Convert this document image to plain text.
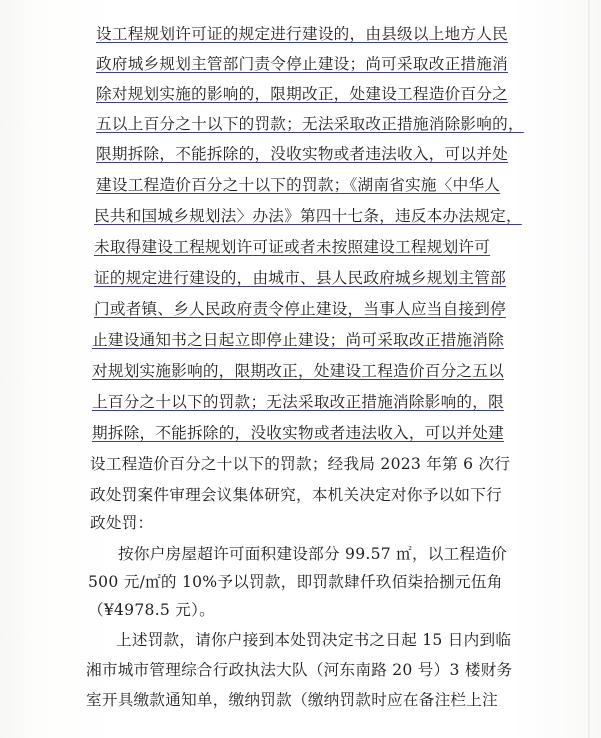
设工程规划许可证的规定进行建设的，由县级以上地方人民
政府城乡规划主管部门责令停止建设；尚可采取改正措施消
除对规划实施的影响的，限期改正，处建设工程造价百分之
五以上百分之十以下的罚款；无法采取改正措施消除影响的，
限期拆除，不能拆除的，没收实物或者违法收入，可以并处
建设工程造价百分之十以下的罚款；《湖南省实施〈中华人
民共和国城乡规划法〉办法》第四十七条，违反本办法规定，
未取得建设工程规划许可证或者未按照建设工程规划许可
证的规定进行建设的，由城市、县人民政府城乡规划主管部
门或者镇、乡人民政府责令停止建设，当事人应当自接到停
止建设通知书之日起立即停止建设；尚可采取改正措施消除
对规划实施影响的，限期改正，处建设工程造价百分之五以
上百分之十以下的罚款；无法采取改正措施消除影响的，限
期拆除，不能拆除的，没收实物或者违法收入，可以并处建
设工程造价百分之十以下的罚款；经我局 2023 年第 6 次行
政处罚案件审理会议集体研究，本机关决定对你予以如下行
政处罚：
按你户房屋超许可面积建设部分 99.57 ㎡，以工程造价
500 元/㎡的 10%予以罚款，即罚款肆仟玖佰柒拾捌元伍角
（¥4978.5 元）。
上述罚款，请你户接到本处罚决定书之日起 15 日内到临
湘市城市管理综合行政执法大队（河东南路 20 号）3 楼财务
室开具缴款通知单，缴纳罚款（缴纳罚款时应在备注栏上注
